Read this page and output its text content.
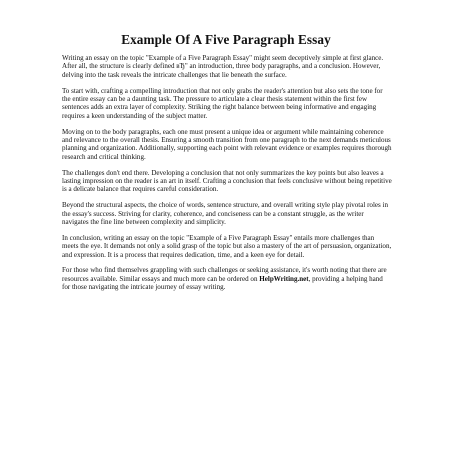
Example Of A Five Paragraph Essay

Writing an essay on the topic "Example of a Five Paragraph Essay" might seem deceptively simple at first glance. After all, the structure is clearly defined вЂ" an introduction, three body paragraphs, and a conclusion. However, delving into the task reveals the intricate challenges that lie beneath the surface.

To start with, crafting a compelling introduction that not only grabs the reader's attention but also sets the tone for the entire essay can be a daunting task. The pressure to articulate a clear thesis statement within the first few sentences adds an extra layer of complexity. Striking the right balance between being informative and engaging requires a keen understanding of the subject matter.

Moving on to the body paragraphs, each one must present a unique idea or argument while maintaining coherence and relevance to the overall thesis. Ensuring a smooth transition from one paragraph to the next demands meticulous planning and organization. Additionally, supporting each point with relevant evidence or examples requires thorough research and critical thinking.

The challenges don't end there. Developing a conclusion that not only summarizes the key points but also leaves a lasting impression on the reader is an art in itself. Crafting a conclusion that feels conclusive without being repetitive is a delicate balance that requires careful consideration.

Beyond the structural aspects, the choice of words, sentence structure, and overall writing style play pivotal roles in the essay's success. Striving for clarity, coherence, and conciseness can be a constant struggle, as the writer navigates the fine line between complexity and simplicity.

In conclusion, writing an essay on the topic "Example of a Five Paragraph Essay" entails more challenges than meets the eye. It demands not only a solid grasp of the topic but also a mastery of the art of persuasion, organization, and expression. It is a process that requires dedication, time, and a keen eye for detail.

For those who find themselves grappling with such challenges or seeking assistance, it's worth noting that there are resources available. Similar essays and much more can be ordered on HelpWriting.net, providing a helping hand for those navigating the intricate journey of essay writing.
